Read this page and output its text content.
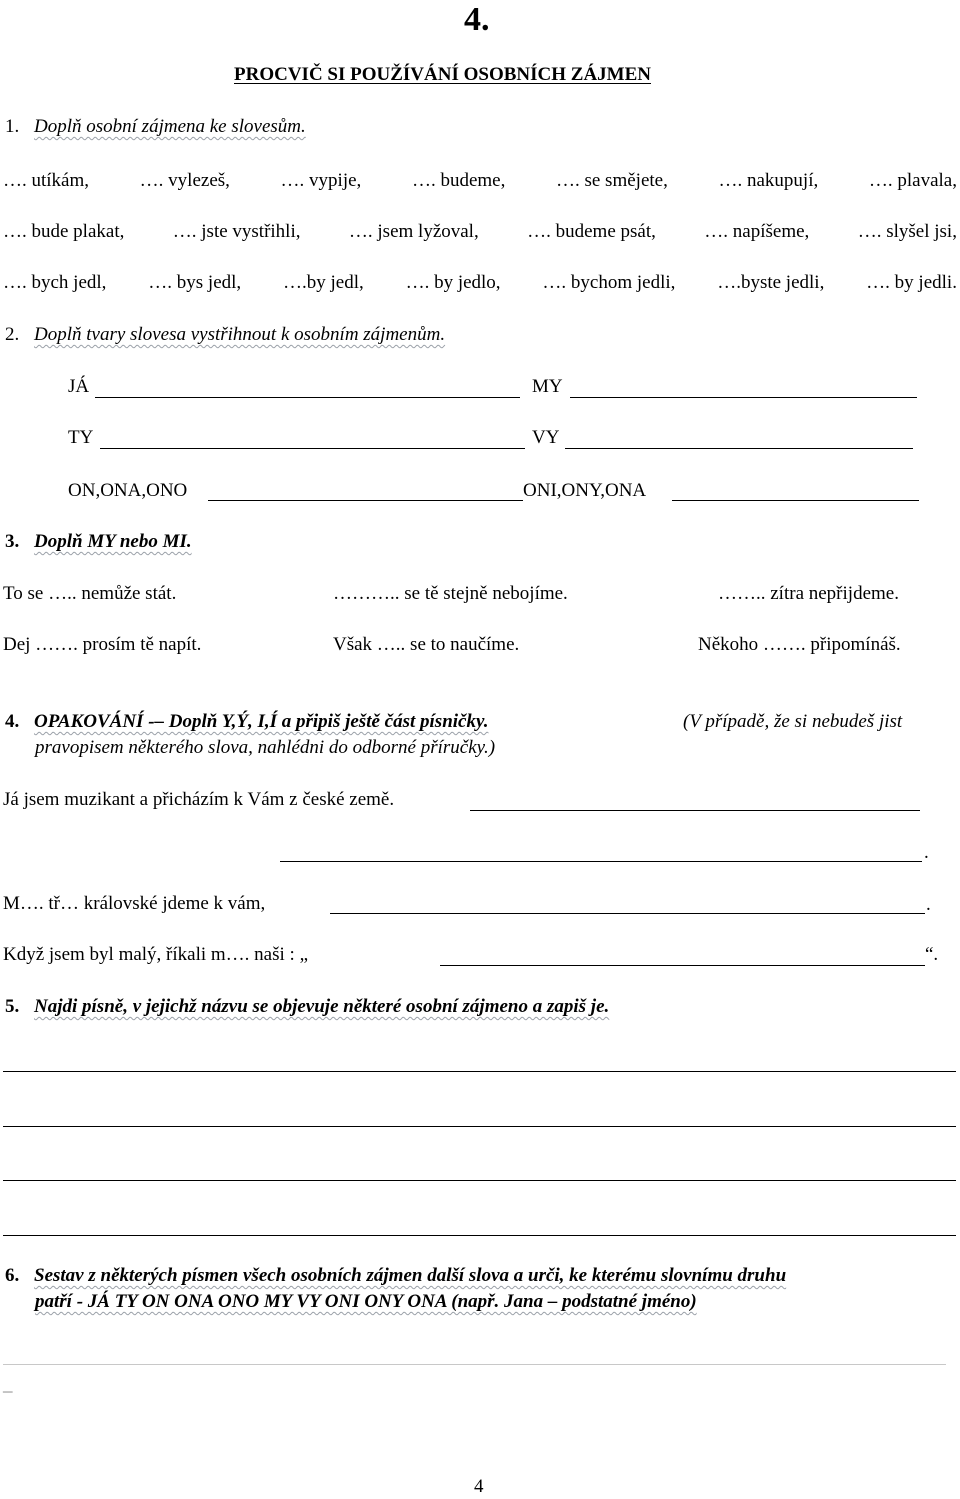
4.
PROCVIČ SI POUŽÍVÁNÍ OSOBNÍCH ZÁJMEN
1. Doplň osobní zájmena ke slovesům.
…. utíkám,	…. vylezeš,	…. vypije,	…. budeme,	…. se smějete,	…. nakupují,	…. plavala,
…. bude plakat,	…. jste vystřihli,	…. jsem lyžoval,	…. budeme psát,	…. napíšeme,	…. slyšel jsi,
…. bych jedl, …. bys jedl, ….by jedl, …. by jedlo, …. bychom jedli, ….byste jedli, …. by jedli.
2. Doplň tvary slovesa vystřihnout k osobním zájmenům.
JÁ	MY
TY	VY
ON,ONA,ONO	ONI,ONY,ONA
3. Doplň MY nebo MI.
To se ….. nemůže stát.	……….. se tě stejně nebojíme.	…….. zítra nepřijdeme.
Dej ……. prosím tě napít.	Však ….. se to naučíme.	Někoho ……. připomínáš.
4. OPAKOVÁNÍ -– Doplň Y,Ý, I,Í a připiš ještě část písničky.	(V případě, že si nebudeš jist
pravopisem některého slova, nahlédni do odborné příručky.)
Já jsem muzikant a přicházím k Vám z české země.
.
M…. tř… královské jdeme k vám,	.
Když jsem byl malý, říkali m…. naši : „	“.
5. Najdi písně, v jejichž názvu se objevuje některé osobní zájmeno a zapiš je.
6. Sestav z některých písmen všech osobních zájmen další slova a urči, ke kterému slovnímu druhu
patří - JÁ TY ON ONA ONO MY VY ONI ONY ONA (např. Jana – podstatné jméno)
_
4
